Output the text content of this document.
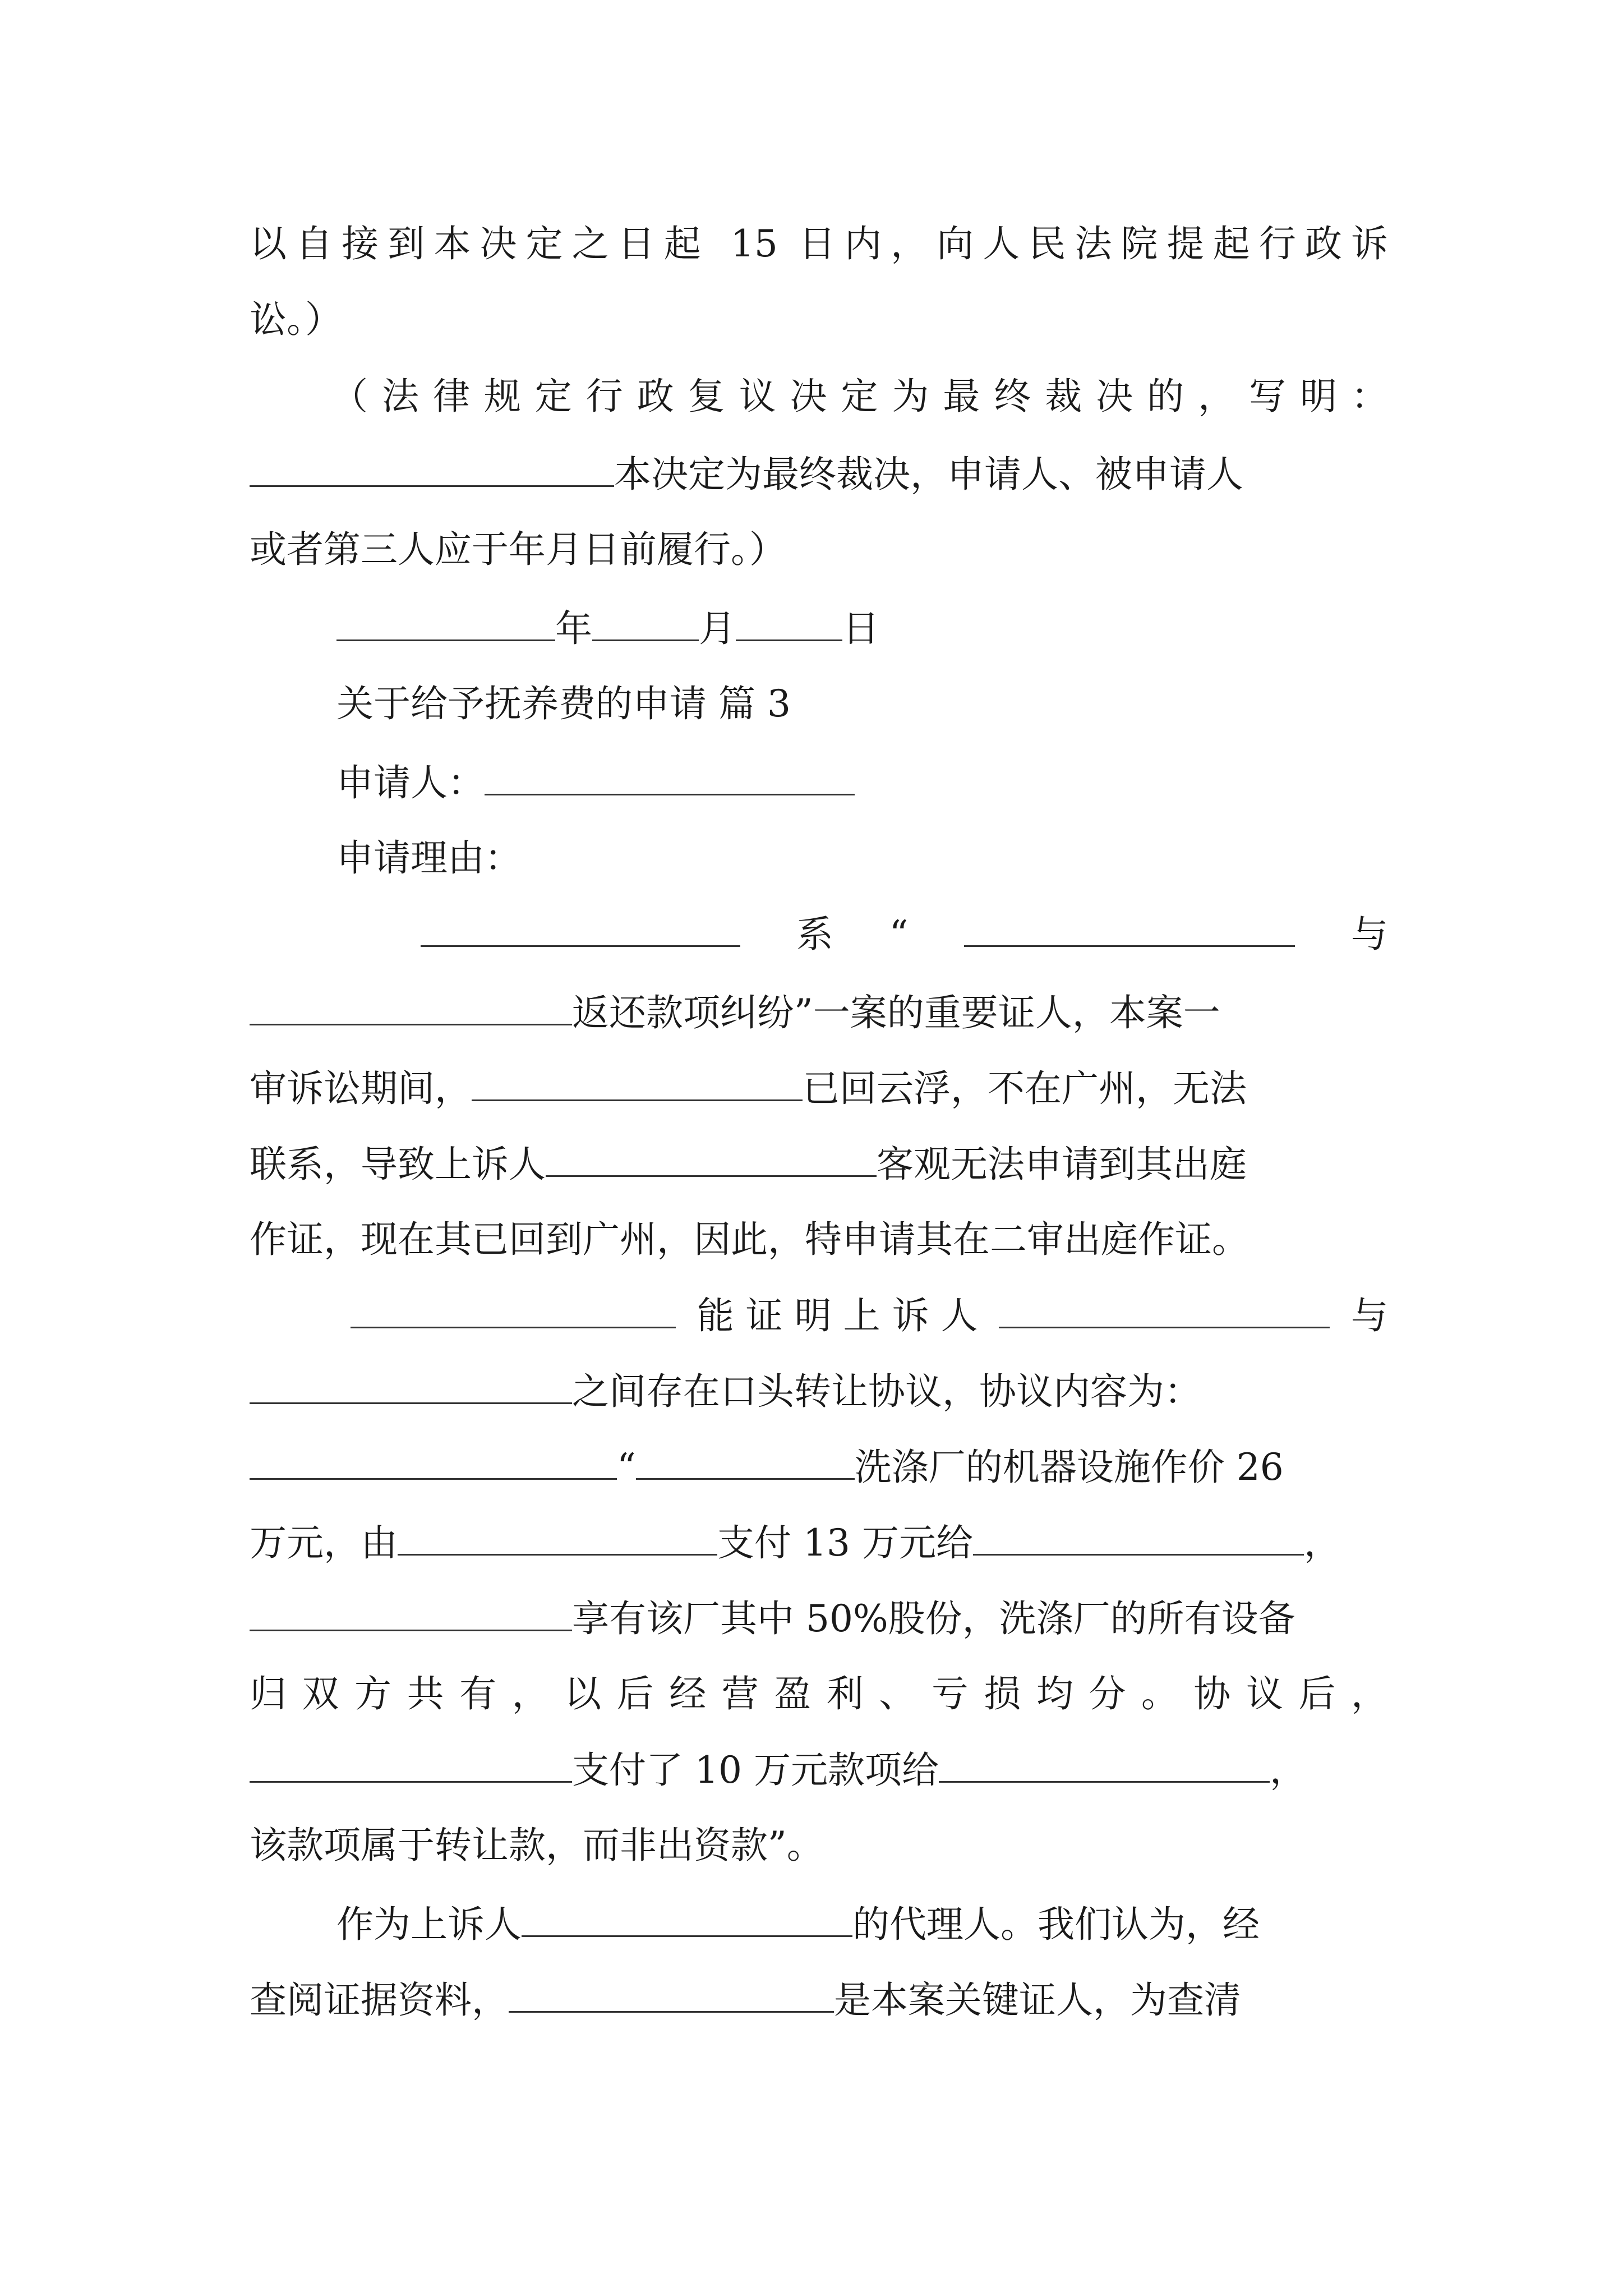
以自接到本决定之日起 15 日内，向人民法院提起行政诉
讼。）
（法律规定行政复议决定为最终裁决的，写明：
本决定为最终裁决，申请人、被申请人
或者第三人应于年月日前履行。）
年	月	日
关于给予抚养费的申请 篇 3
申请人：
申请理由：
系 “	与
返还款项纠纷”一案的重要证人，本案一
审诉讼期间，	已回云浮，不在广州，无法
联系，导致上诉人	客观无法申请到其出庭
作证，现在其已回到广州，因此，特申请其在二审出庭作证。
能 证 明 上 诉 人	与
之间存在口头转让协议，协议内容为：
“	洗涤厂的机器设施作价 26
万元，由	支付 13 万元给	，
享有该厂其中 50%股份，洗涤厂的所有设备
归双方共有，以后经营盈利、亏损均分。协议后，
支付了 10 万元款项给	，
该款项属于转让款，而非出资款”。
作为上诉人	的代理人。我们认为，经
查阅证据资料，	是本案关键证人，为查清
